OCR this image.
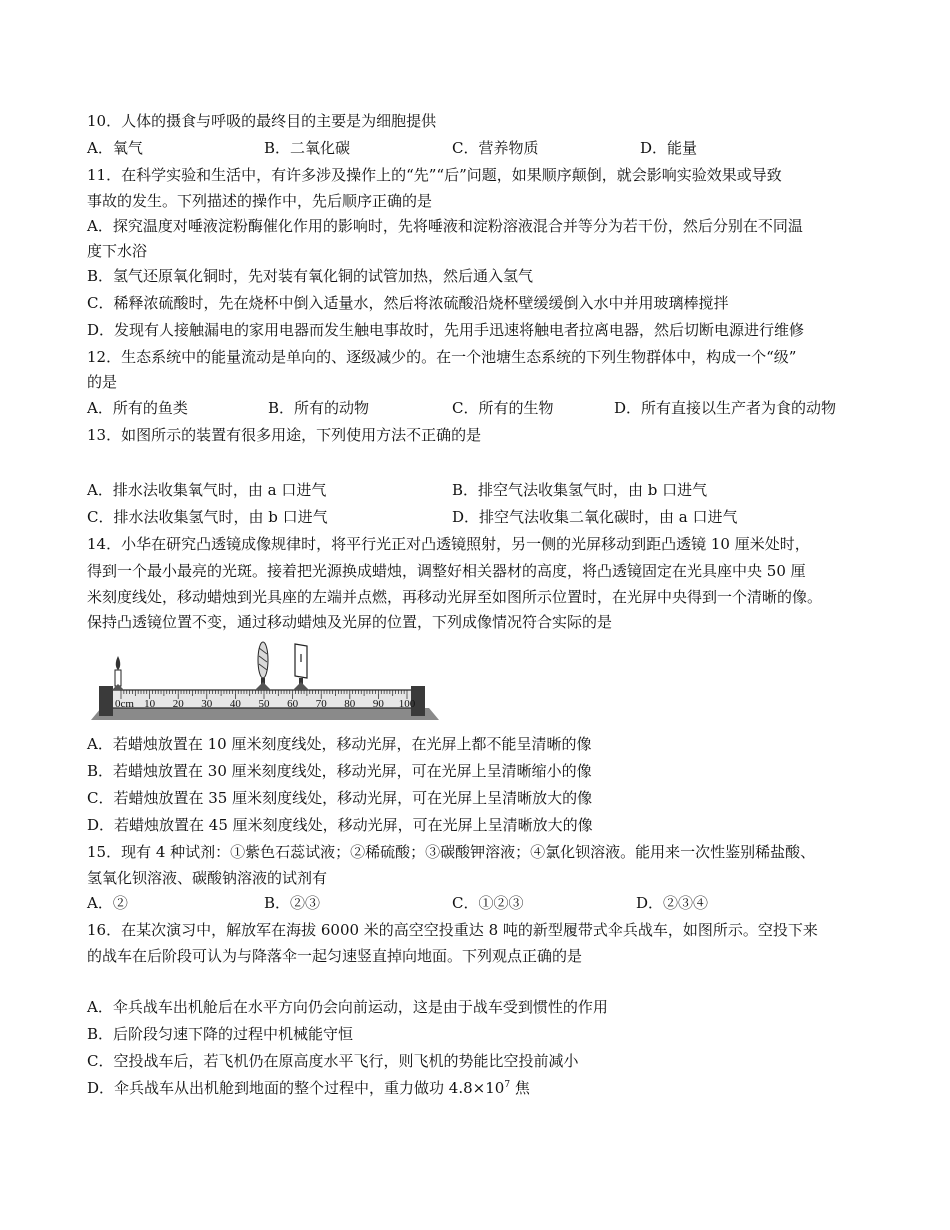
10．人体的摄食与呼吸的最终目的主要是为细胞提供
A．氧气	B．二氧化碳	C．营养物质	D．能量
11．在科学实验和生活中，有许多涉及操作上的“先”“后”问题，如果顺序颠倒，就会影响实验效果或导致
事故的发生。下列描述的操作中，先后顺序正确的是
A．探究温度对唾液淀粉酶催化作用的影响时，先将唾液和淀粉溶液混合并等分为若干份，然后分别在不同温
度下水浴
B．氢气还原氧化铜时，先对装有氧化铜的试管加热，然后通入氢气
C．稀释浓硫酸时，先在烧杯中倒入适量水，然后将浓硫酸沿烧杯壁缓缓倒入水中并用玻璃棒搅拌
D．发现有人接触漏电的家用电器而发生触电事故时，先用手迅速将触电者拉离电器，然后切断电源进行维修
12．生态系统中的能量流动是单向的、逐级减少的。在一个池塘生态系统的下列生物群体中，构成一个“级”
的是
A．所有的鱼类	B．所有的动物	C．所有的生物	D．所有直接以生产者为食的动物
13．如图所示的装置有很多用途，下列使用方法不正确的是
A．排水法收集氧气时，由 a 口进气	B．排空气法收集氢气时，由 b 口进气
C．排水法收集氢气时，由 b 口进气	D．排空气法收集二氧化碳时，由 a 口进气
14．小华在研究凸透镜成像规律时，将平行光正对凸透镜照射，另一侧的光屏移动到距凸透镜 10 厘米处时，
得到一个最小最亮的光斑。接着把光源换成蜡烛，调整好相关器材的高度，将凸透镜固定在光具座中央 50 厘
米刻度线处，移动蜡烛到光具座的左端并点燃，再移动光屏至如图所示位置时，在光屏中央得到一个清晰的像。
保持凸透镜位置不变，通过移动蜡烛及光屏的位置，下列成像情况符合实际的是
0cm 10 20 30 40 50 60 70 80 90 100
A．若蜡烛放置在 10 厘米刻度线处，移动光屏，在光屏上都不能呈清晰的像
B．若蜡烛放置在 30 厘米刻度线处，移动光屏，可在光屏上呈清晰缩小的像
C．若蜡烛放置在 35 厘米刻度线处，移动光屏，可在光屏上呈清晰放大的像
D．若蜡烛放置在 45 厘米刻度线处，移动光屏，可在光屏上呈清晰放大的像
15．现有 4 种试剂：①紫色石蕊试液；②稀硫酸；③碳酸钾溶液；④氯化钡溶液。能用来一次性鉴别稀盐酸、
氢氧化钡溶液、碳酸钠溶液的试剂有
A．②	B．②③	C．①②③	D．②③④
16．在某次演习中，解放军在海拔 6000 米的高空空投重达 8 吨的新型履带式伞兵战车，如图所示。空投下来
的战车在后阶段可认为与降落伞一起匀速竖直掉向地面。下列观点正确的是
A．伞兵战车出机舱后在水平方向仍会向前运动，这是由于战车受到惯性的作用
B．后阶段匀速下降的过程中机械能守恒
C．空投战车后，若飞机仍在原高度水平飞行，则飞机的势能比空投前减小
D．伞兵战车从出机舱到地面的整个过程中，重力做功 $4.8\times 10^7$ 焦
